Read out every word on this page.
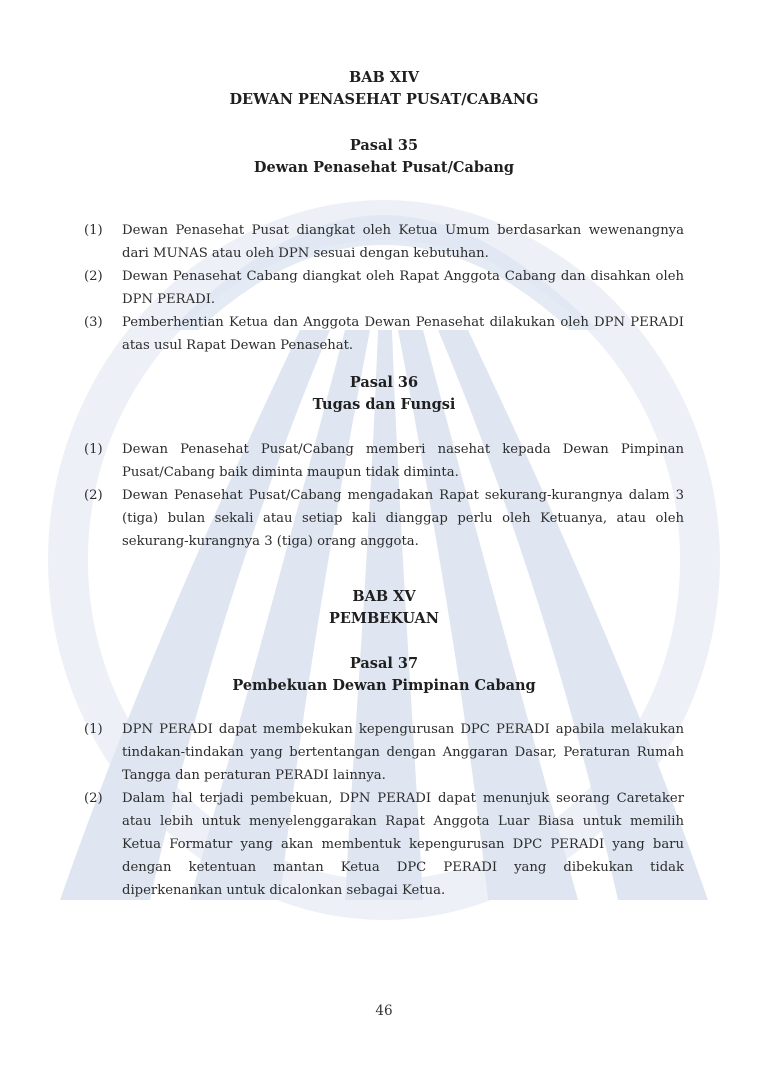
BAB XIV
DEWAN PENASEHAT PUSAT/CABANG
Pasal 35
Dewan Penasehat Pusat/Cabang
(1) Dewan Penasehat Pusat diangkat oleh Ketua Umum berdasarkan wewenangnya dari MUNAS atau oleh DPN sesuai dengan kebutuhan.
(2) Dewan Penasehat Cabang diangkat oleh Rapat Anggota Cabang dan disahkan oleh DPN PERADI.
(3) Pemberhentian Ketua dan Anggota Dewan Penasehat dilakukan oleh DPN PERADI atas usul Rapat Dewan Penasehat.
Pasal 36
Tugas dan Fungsi
(1) Dewan Penasehat Pusat/Cabang memberi nasehat kepada Dewan Pimpinan Pusat/Cabang baik diminta maupun tidak diminta.
(2) Dewan Penasehat Pusat/Cabang mengadakan Rapat sekurang-kurangnya dalam 3 (tiga) bulan sekali atau setiap kali dianggap perlu oleh Ketuanya, atau oleh sekurang-kurangnya 3 (tiga) orang anggota.
BAB XV
PEMBEKUAN
Pasal 37
Pembekuan Dewan Pimpinan Cabang
(1) DPN PERADI dapat membekukan kepengurusan DPC PERADI apabila melakukan tindakan-tindakan yang bertentangan dengan Anggaran Dasar, Peraturan Rumah Tangga dan peraturan PERADI lainnya.
(2) Dalam hal terjadi pembekuan, DPN PERADI dapat menunjuk seorang Caretaker atau lebih untuk menyelenggarakan Rapat Anggota Luar Biasa untuk memilih Ketua Formatur yang akan membentuk kepengurusan DPC PERADI yang baru dengan ketentuan mantan Ketua DPC PERADI yang dibekukan tidak diperkenankan untuk dicalonkan sebagai Ketua.
46
